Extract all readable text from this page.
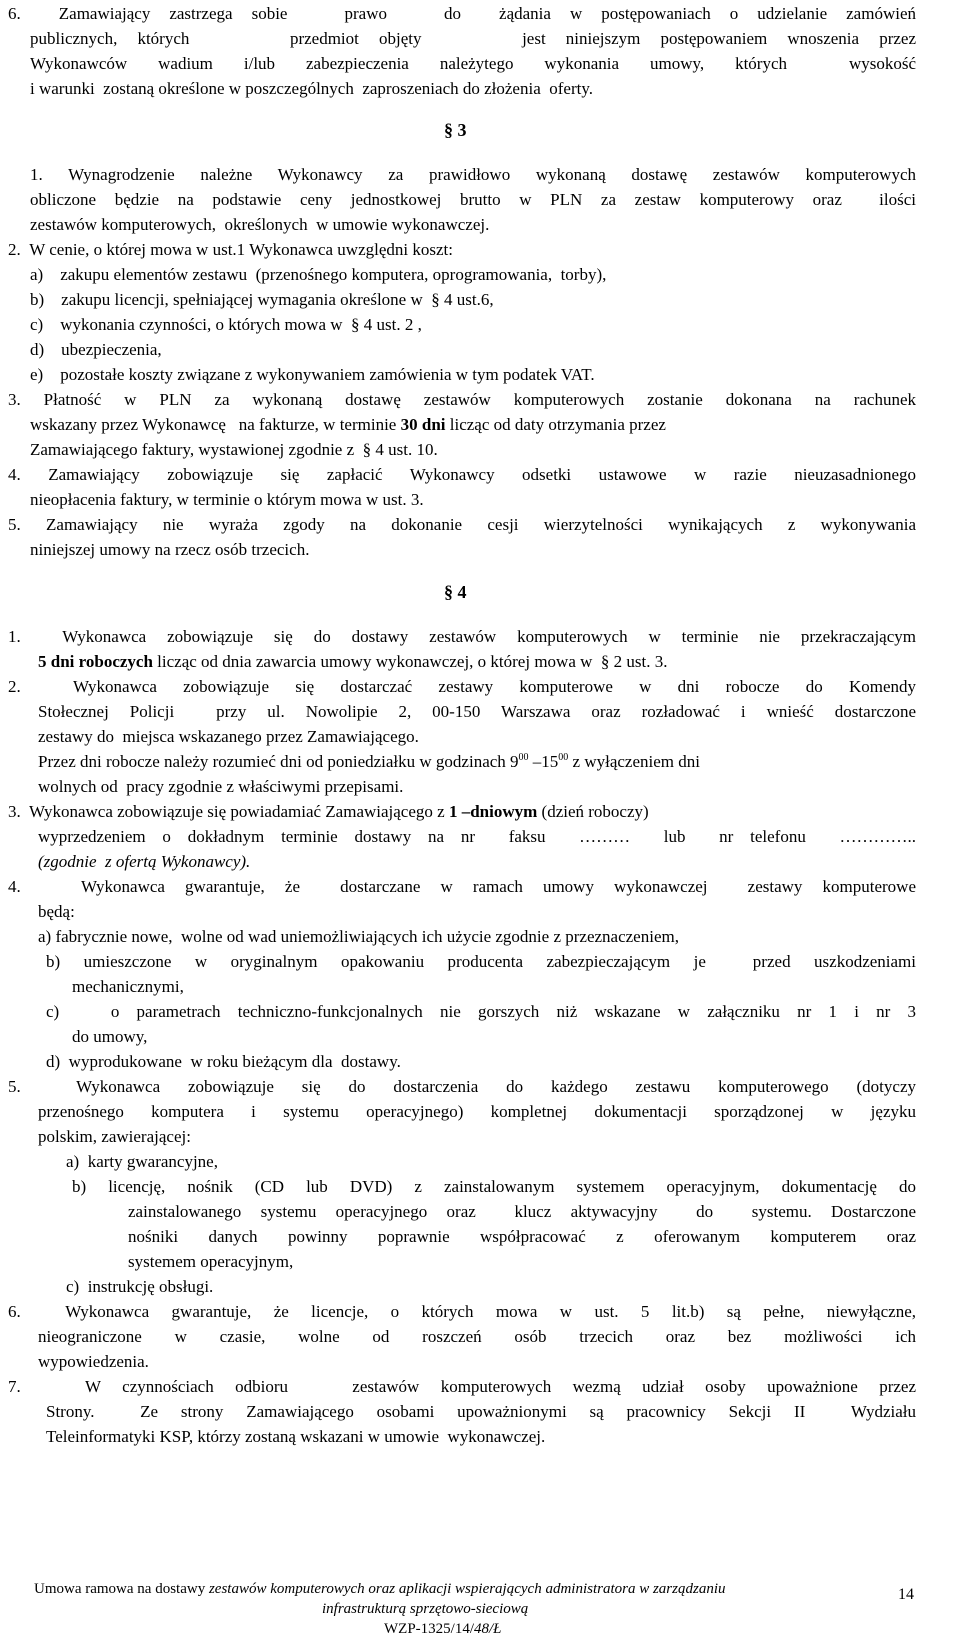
6.  Zamawiający zastrzega sobie   prawo   do  żądania w postępowaniach o udzielanie zamówień
publicznych, których     przedmiot objęty     jest niniejszym postępowaniem wnoszenia przez
Wykonawców wadium i/lub zabezpieczenia należytego wykonania umowy, których  wysokość
i warunki  zostaną określone w poszczególnych  zaproszeniach do złożenia  oferty.
§ 3
1. Wynagrodzenie należne Wykonawcy za prawidłowo wykonaną dostawę zestawów komputerowych
obliczone będzie na podstawie ceny jednostkowej brutto w PLN za zestaw komputerowy oraz  ilości
zestawów komputerowych,  określonych  w umowie wykonawczej.
2.  W cenie, o której mowa w ust.1 Wykonawca uwzględni koszt:
a)    zakupu elementów zestawu  (przenośnego komputera, oprogramowania,  torby),
b)    zakupu licencji, spełniającej wymagania określone w  § 4 ust.6,
c)    wykonania czynności, o których mowa w  § 4 ust. 2 ,
d)    ubezpieczenia,
e)    pozostałe koszty związane z wykonywaniem zamówienia w tym podatek VAT.
3. Płatność w PLN za wykonaną dostawę zestawów komputerowych zostanie dokonana na rachunek
wskazany przez Wykonawcę   na fakturze, w terminie 30 dni licząc od daty otrzymania przez
Zamawiającego faktury, wystawionej zgodnie z  § 4 ust. 10.
4. Zamawiający zobowiązuje się zapłacić Wykonawcy odsetki ustawowe w razie nieuzasadnionego
nieopłacenia faktury, w terminie o którym mowa w ust. 3.
5. Zamawiający nie wyraża zgody na dokonanie cesji wierzytelności wynikających z wykonywania
niniejszej umowy na rzecz osób trzecich.
§ 4
1.  Wykonawca zobowiązuje się do dostawy zestawów komputerowych w terminie nie przekraczającym
5 dni roboczych licząc od dnia zawarcia umowy wykonawczej, o której mowa w  § 2 ust. 3.
2.  Wykonawca zobowiązuje się dostarczać zestawy komputerowe w dni robocze do Komendy
Stołecznej Policji  przy ul. Nowolipie 2, 00-150 Warszawa oraz rozładować i wnieść dostarczone
zestawy do  miejsca wskazanego przez Zamawiającego.
Przez dni robocze należy rozumieć dni od poniedziałku w godzinach $9^{00}$ $-15^{00}$ z wyłączeniem dni
wolnych od  pracy zgodnie z właściwymi przepisami.
3.  Wykonawca zobowiązuje się powiadamiać Zamawiającego z 1 –dniowym (dzień roboczy)
wyprzedzeniem o dokładnym terminie dostawy na nr  faksu  ………  lub  nr telefonu  …………..
(zgodnie  z ofertą Wykonawcy).
4.   Wykonawca gwarantuje, że  dostarczane w ramach umowy wykonawczej  zestawy komputerowe
będą:
a) fabrycznie nowe,  wolne od wad uniemożliwiających ich użycie zgodnie z przeznaczeniem,
b) umieszczone w oryginalnym opakowaniu producenta zabezpieczającym je  przed uszkodzeniami
mechanicznymi,
c)   o parametrach techniczno-funkcjonalnych nie gorszych niż wskazane w załączniku nr 1 i nr 3
do umowy,
d)  wyprodukowane  w roku bieżącym dla  dostawy.
5.  Wykonawca zobowiązuje się do dostarczenia do każdego zestawu komputerowego (dotyczy
przenośnego komputera i systemu operacyjnego) kompletnej dokumentacji sporządzonej w języku
polskim, zawierającej:
a)  karty gwarancyjne,
b) licencję, nośnik (CD lub DVD) z zainstalowanym systemem operacyjnym, dokumentację do
zainstalowanego systemu operacyjnego oraz  klucz aktywacyjny  do  systemu. Dostarczone
nośniki danych powinny poprawnie współpracować z oferowanym komputerem oraz
systemem operacyjnym,
c)  instrukcję obsługi.
6.  Wykonawca gwarantuje, że licencje, o których mowa w ust. 5 lit.b) są pełne, niewyłączne,
nieograniczone w czasie, wolne od roszczeń osób trzecich oraz bez możliwości ich
wypowiedzenia.
7.   W czynnościach odbioru   zestawów komputerowych wezmą udział osoby upoważnione przez
Strony.  Ze strony Zamawiającego osobami upoważnionymi są pracownicy Sekcji II  Wydziału
Teleinformatyki KSP, którzy zostaną wskazani w umowie  wykonawczej.
Umowa ramowa na dostawy zestawów komputerowych oraz aplikacji wspierających administratora w zarządzaniu
infrastrukturą sprzętowo-sieciową
WZP-1325/14/48/Ł
14
